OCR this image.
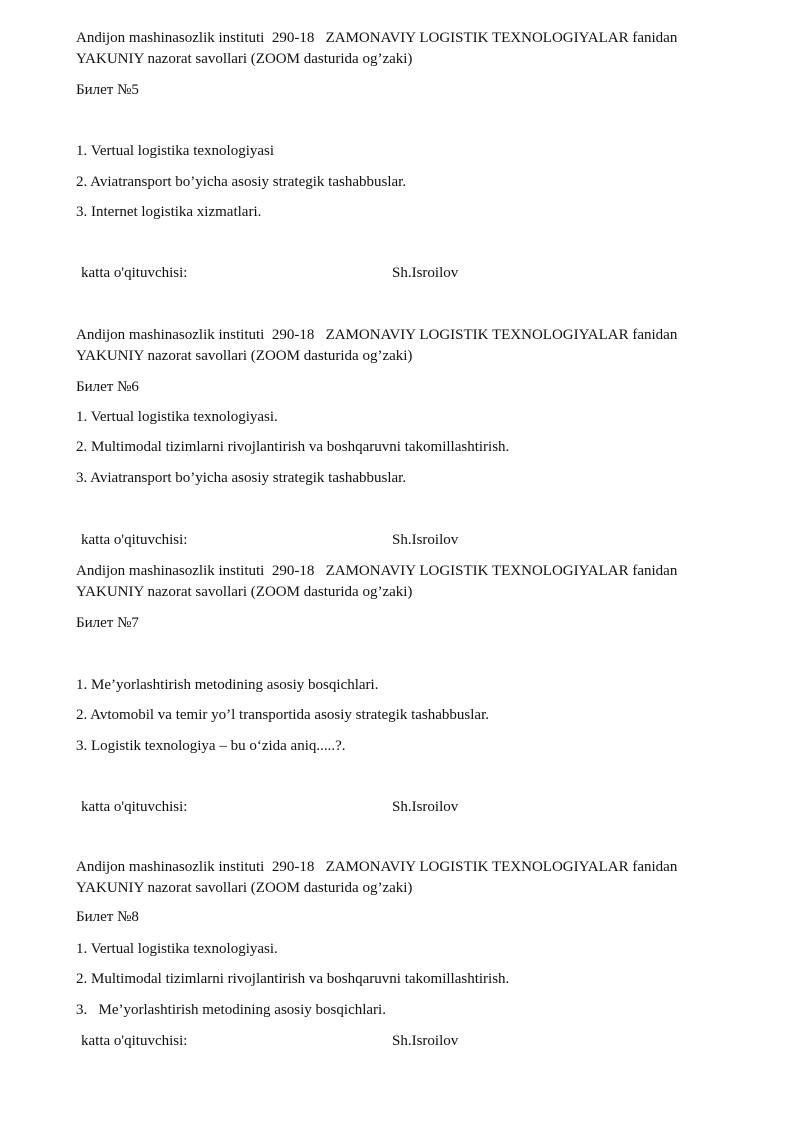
Andijon mashinasozlik instituti  290-18   ZAMONAVIY LOGISTIK TEXNOLOGIYALAR fanidan

YAKUNIY nazorat savollari (ZOOM dasturida og’zaki)

Билет №5
1. Vertual logistika texnologiyasi
2. Aviatransport bo’yicha asosiy strategik tashabbuslar.
3. Internet logistika xizmatlari.
katta o'qituvchisi:	Sh.Isroilov

Andijon mashinasozlik instituti  290-18   ZAMONAVIY LOGISTIK TEXNOLOGIYALAR fanidan

YAKUNIY nazorat savollari (ZOOM dasturida og’zaki)

Билет №6
1. Vertual logistika texnologiyasi.
2. Multimodal tizimlarni rivojlantirish va boshqaruvni takomillashtirish.
3. Aviatransport bo’yicha asosiy strategik tashabbuslar.
katta o'qituvchisi:	Sh.Isroilov

Andijon mashinasozlik instituti  290-18   ZAMONAVIY LOGISTIK TEXNOLOGIYALAR fanidan

YAKUNIY nazorat savollari (ZOOM dasturida og’zaki)

Билет №7
1. Me’yorlashtirish metodining asosiy bosqichlari.
2. Avtomobil va temir yo’l transportida asosiy strategik tashabbuslar.
3. Logistik texnologiya – bu o‘zida aniq.....?.
katta o'qituvchisi:	Sh.Isroilov

Andijon mashinasozlik instituti  290-18   ZAMONAVIY LOGISTIK TEXNOLOGIYALAR fanidan

YAKUNIY nazorat savollari (ZOOM dasturida og’zaki)

Билет №8
1. Vertual logistika texnologiyasi.
2. Multimodal tizimlarni rivojlantirish va boshqaruvni takomillashtirish.
3.   Me’yorlashtirish metodining asosiy bosqichlari.
katta o'qituvchisi:	Sh.Isroilov
